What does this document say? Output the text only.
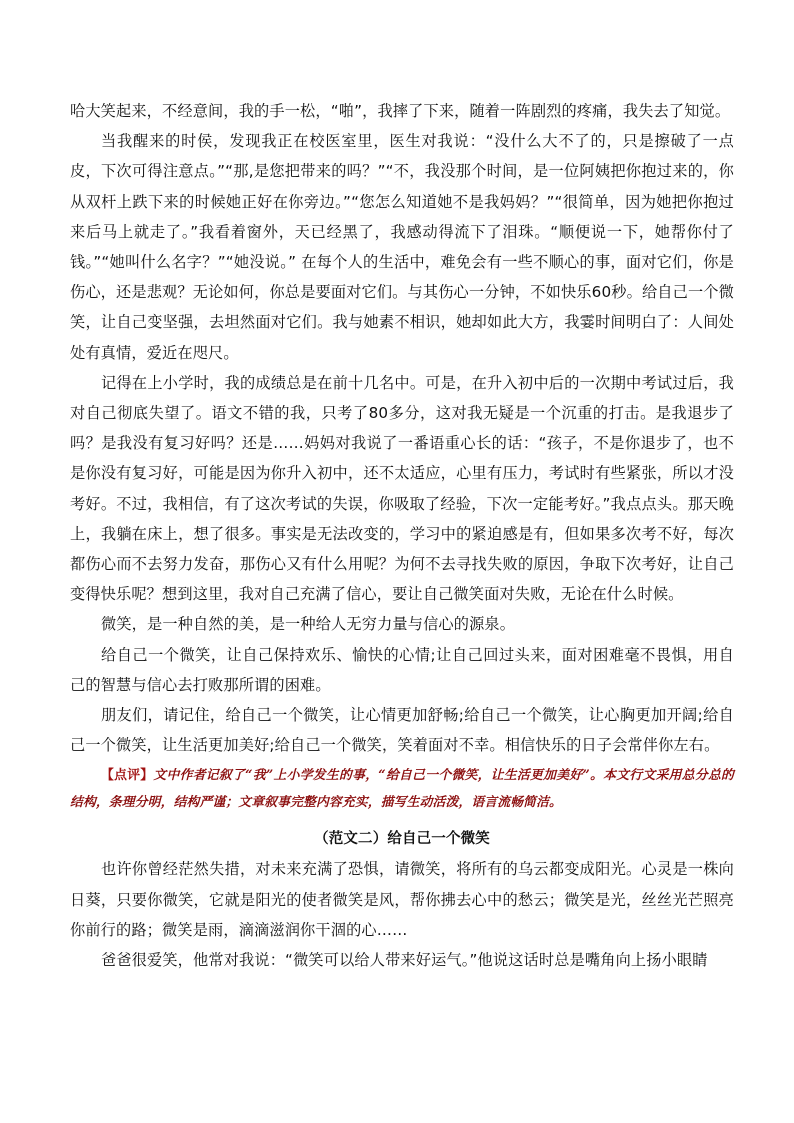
哈大笑起来，不经意间，我的手一松，“啪”，我摔了下来，随着一阵剧烈的疼痛，我失去了知觉。

当我醒来的时侯，发现我正在校医室里，医生对我说：“没什么大不了的，只是擦破了一点皮，下次可得注意点。”“那,是您把带来的吗？”“不，我没那个时间，是一位阿姨把你抱过来的，你从双杆上跌下来的时候她正好在你旁边。”“您怎么知道她不是我妈妈？”“很简单，因为她把你抱过来后马上就走了。”我看着窗外，天已经黑了，我感动得流下了泪珠。“顺便说一下，她帮你付了钱。”“她叫什么名字？”“她没说。” 在每个人的生活中，难免会有一些不顺心的事，面对它们，你是伤心，还是悲观？无论如何，你总是要面对它们。与其伤心一分钟，不如快乐60秒。给自己一个微笑，让自己变坚强，去坦然面对它们。我与她素不相识，她却如此大方，我霎时间明白了：人间处处有真情，爱近在咫尺。

记得在上小学时，我的成绩总是在前十几名中。可是，在升入初中后的一次期中考试过后，我对自己彻底失望了。语文不错的我，只考了80多分，这对我无疑是一个沉重的打击。是我退步了吗？是我没有复习好吗？还是……妈妈对我说了一番语重心长的话：“孩子，不是你退步了，也不是你没有复习好，可能是因为你升入初中，还不太适应，心里有压力，考试时有些紧张，所以才没考好。不过，我相信，有了这次考试的失误，你吸取了经验，下次一定能考好。”我点点头。那天晚上，我躺在床上，想了很多。事实是无法改变的，学习中的紧迫感是有，但如果多次考不好，每次都伤心而不去努力发奋，那伤心又有什么用呢？为何不去寻找失败的原因，争取下次考好，让自己变得快乐呢？想到这里，我对自己充满了信心，要让自己微笑面对失败，无论在什么时候。

微笑，是一种自然的美，是一种给人无穷力量与信心的源泉。

给自己一个微笑，让自己保持欢乐、愉快的心情;让自己回过头来，面对困难毫不畏惧，用自己的智慧与信心去打败那所谓的困难。

朋友们，请记住，给自己一个微笑，让心情更加舒畅;给自己一个微笑，让心胸更加开阔;给自己一个微笑，让生活更加美好;给自己一个微笑，笑着面对不幸。相信快乐的日子会常伴你左右。

【点评】文中作者记叙了“我”上小学发生的事，“给自己一个微笑，让生活更加美好”。本文行文采用总分总的结构，条理分明，结构严谨；文章叙事完整内容充实，描写生动活泼，语言流畅简洁。

（范文二）给自己一个微笑

也许你曾经茫然失措，对未来充满了恐惧，请微笑，将所有的乌云都变成阳光。心灵是一株向日葵，只要你微笑，它就是阳光的使者微笑是风，帮你拂去心中的愁云；微笑是光，丝丝光芒照亮你前行的路；微笑是雨，滴滴滋润你干涸的心……

爸爸很爱笑，他常对我说：“微笑可以给人带来好运气。”他说这话时总是嘴角向上扬小眼睛
